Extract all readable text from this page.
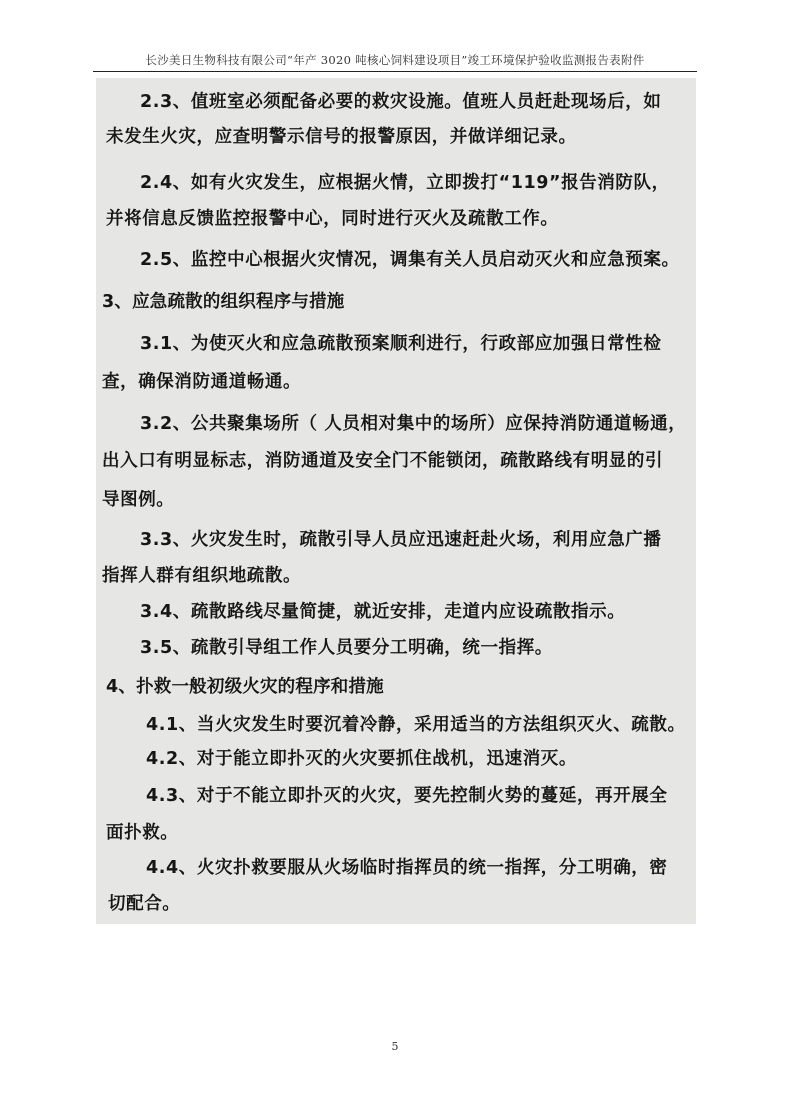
长沙美日生物科技有限公司“年产 3020 吨核心饲料建设项目”竣工环境保护验收监测报告表附件
2.3、值班室必须配备必要的救灾设施。值班人员赶赴现场后，如
未发生火灾，应查明警示信号的报警原因，并做详细记录。
2.4、如有火灾发生，应根据火情，立即拨打“119”报告消防队，
并将信息反馈监控报警中心，同时进行灭火及疏散工作。
2.5、监控中心根据火灾情况，调集有关人员启动灭火和应急预案。
3、应急疏散的组织程序与措施
3.1、为使灭火和应急疏散预案顺利进行，行政部应加强日常性检
查，确保消防通道畅通。
3.2、公共聚集场所（ 人员相对集中的场所）应保持消防通道畅通，
出入口有明显标志，消防通道及安全门不能锁闭，疏散路线有明显的引
导图例。
3.3、火灾发生时，疏散引导人员应迅速赶赴火场，利用应急广播
指挥人群有组织地疏散。
3.4、疏散路线尽量简捷，就近安排，走道内应设疏散指示。
3.5、疏散引导组工作人员要分工明确，统一指挥。
4、扑救一般初级火灾的程序和措施
4.1、当火灾发生时要沉着冷静，采用适当的方法组织灭火、疏散。
4.2、对于能立即扑灭的火灾要抓住战机，迅速消灭。
4.3、对于不能立即扑灭的火灾，要先控制火势的蔓延，再开展全
面扑救。
4.4、火灾扑救要服从火场临时指挥员的统一指挥，分工明确，密
切配合。
5
